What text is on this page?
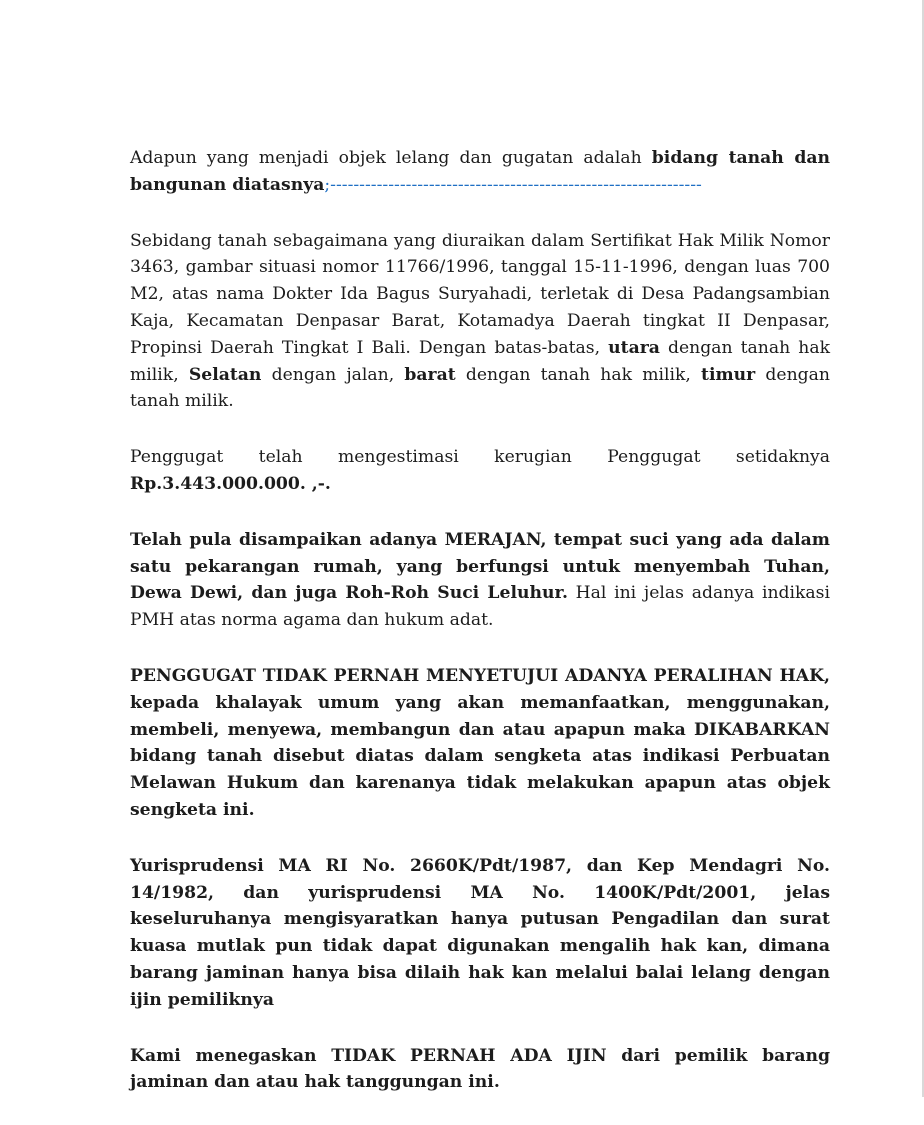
Adapun yang menjadi objek lelang dan gugatan adalah bidang tanah dan bangunan diatasnya;----------------------------------------------------------------

Sebidang tanah sebagaimana yang diuraikan dalam Sertifikat Hak Milik Nomor 3463, gambar situasi nomor 11766/1996, tanggal 15-11-1996, dengan luas 700 M2, atas nama Dokter Ida Bagus Suryahadi, terletak di Desa Padangsambian Kaja, Kecamatan Denpasar Barat, Kotamadya Daerah tingkat II Denpasar, Propinsi Daerah Tingkat I Bali. Dengan batas-batas, utara dengan tanah hak milik, Selatan dengan jalan, barat dengan tanah hak milik, timur dengan tanah milik.

Penggugat telah mengestimasi kerugian Penggugat setidaknya
Rp.3.443.000.000. ,-.

Telah pula disampaikan adanya MERAJAN, tempat suci yang ada dalam satu pekarangan rumah, yang berfungsi untuk menyembah Tuhan, Dewa Dewi, dan juga Roh-Roh Suci Leluhur. Hal ini jelas adanya indikasi PMH atas norma agama dan hukum adat.

PENGGUGAT TIDAK PERNAH MENYETUJUI ADANYA PERALIHAN HAK, kepada khalayak umum yang akan memanfaatkan, menggunakan, membeli, menyewa, membangun dan atau apapun maka DIKABARKAN bidang tanah disebut diatas dalam sengketa atas indikasi Perbuatan Melawan Hukum dan karenanya tidak melakukan apapun atas objek sengketa ini.

Yurisprudensi MA RI No. 2660K/Pdt/1987, dan Kep Mendagri No. 14/1982, dan yurisprudensi MA No. 1400K/Pdt/2001, jelas keseluruhanya mengisyaratkan hanya putusan Pengadilan dan surat kuasa mutlak pun tidak dapat digunakan mengalih hak kan, dimana barang jaminan hanya bisa dilaih hak kan melalui balai lelang dengan ijin pemiliknya

Kami menegaskan TIDAK PERNAH ADA IJIN dari pemilik barang jaminan dan atau hak tanggungan ini.
